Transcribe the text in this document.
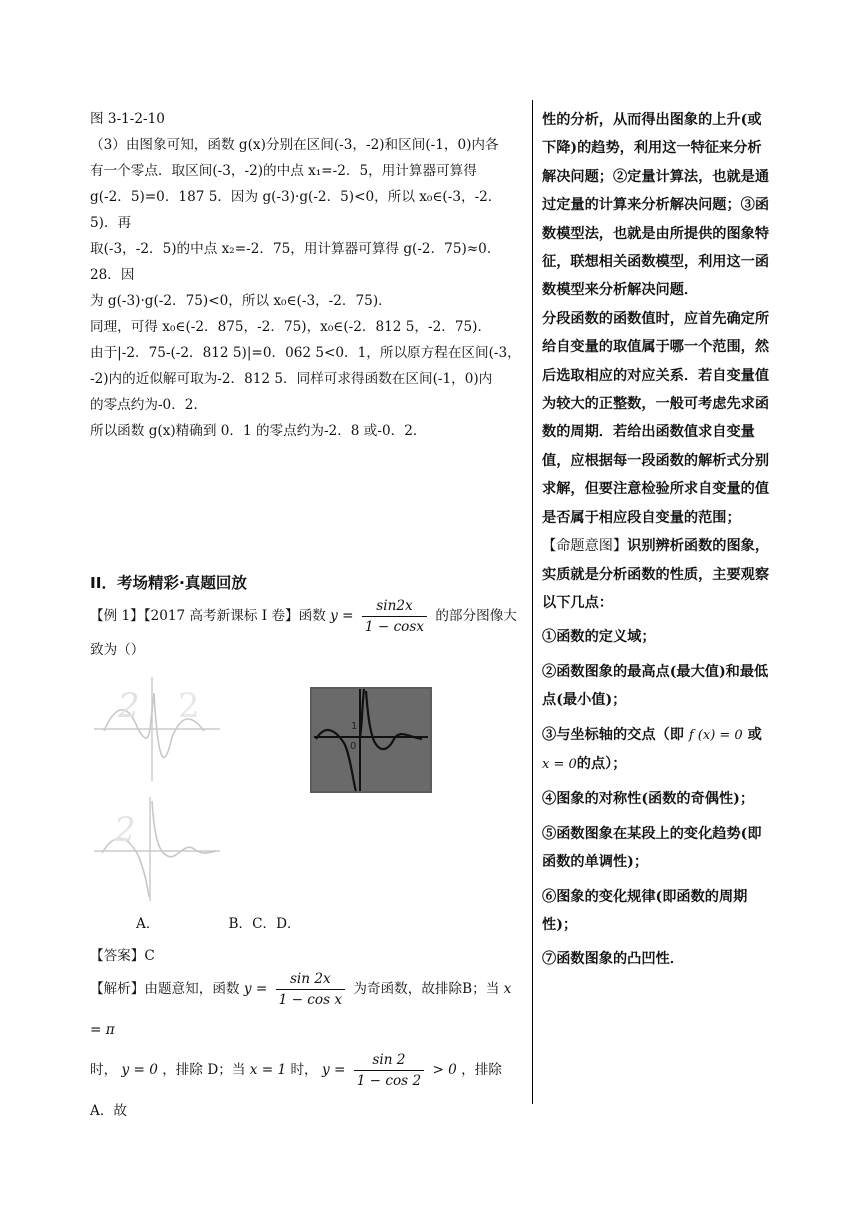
图 3-1-2-10

（3）由图象可知，函数 g(x)分别在区间(-3，-2)和区间(-1，0)内各

有一个零点．取区间(-3，-2)的中点 x₁=-2．5，用计算器可算得

g(-2．5)=0．187 5．因为 g(-3)·g(-2．5)<0，所以 x₀∈(-3，-2．5)．再

取(-3，-2．5)的中点 x₂=-2．75，用计算器可算得 g(-2．75)≈0．28．因

为 g(-3)·g(-2．75)<0，所以 x₀∈(-3，-2．75)．

同理，可得 x₀∈(-2．875，-2．75)，x₀∈(-2．812 5，-2．75)．

由于|-2．75-(-2．812 5)|=0．062 5<0．1，所以原方程在区间(-3，

-2)内的近似解可取为-2．812 5．同样可求得函数在区间(-1，0)内

的零点约为-0．2．

所以函数 g(x)精确到 0．1 的零点约为-2．8 或-0．2．

II．考场精彩·真题回放

【例 1】【2017 高考新课标 I 卷】函数 $y = \frac{\sin 2x}{1 - \cos x}$ 的部分图像大

致为（）

2 2
1
0
2

A．                B．C．D．

【答案】C

【解析】由题意知，函数 $y = \frac{\sin 2x}{\text{1 − cos x}}$ 为奇函数，故排除B；当 x = π

时， y = 0 ，排除 D；当 x = 1 时， $y = \frac{\sin 2}{1 - \cos 2} > 0$ ，排除 A．故

性的分析，从而得出图象的上升(或

下降)的趋势，利用这一特征来分析

解决问题；②定量计算法，也就是通

过定量的计算来分析解决问题；③函

数模型法，也就是由所提供的图象特

征，联想相关函数模型，利用这一函

数模型来分析解决问题．

分段函数的函数值时，应首先确定所

给自变量的取值属于哪一个范围，然

后选取相应的对应关系．若自变量值

为较大的正整数，一般可考虑先求函

数的周期．若给出函数值求自变量

值，应根据每一段函数的解析式分别

求解，但要注意检验所求自变量的值

是否属于相应段自变量的范围；

【命题意图】识别辨析函数的图象，

实质就是分析函数的性质，主要观察

以下几点：

①函数的定义域；

②函数图象的最高点(最大值)和最低

点(最小值)；

③与坐标轴的交点（即 f (x) = 0 或

x = 0的点）；

④图象的对称性(函数的奇偶性)；

⑤函数图象在某段上的变化趋势(即

函数的单调性)；

⑥图象的变化规律(即函数的周期

性)；

⑦函数图象的凸凹性．
